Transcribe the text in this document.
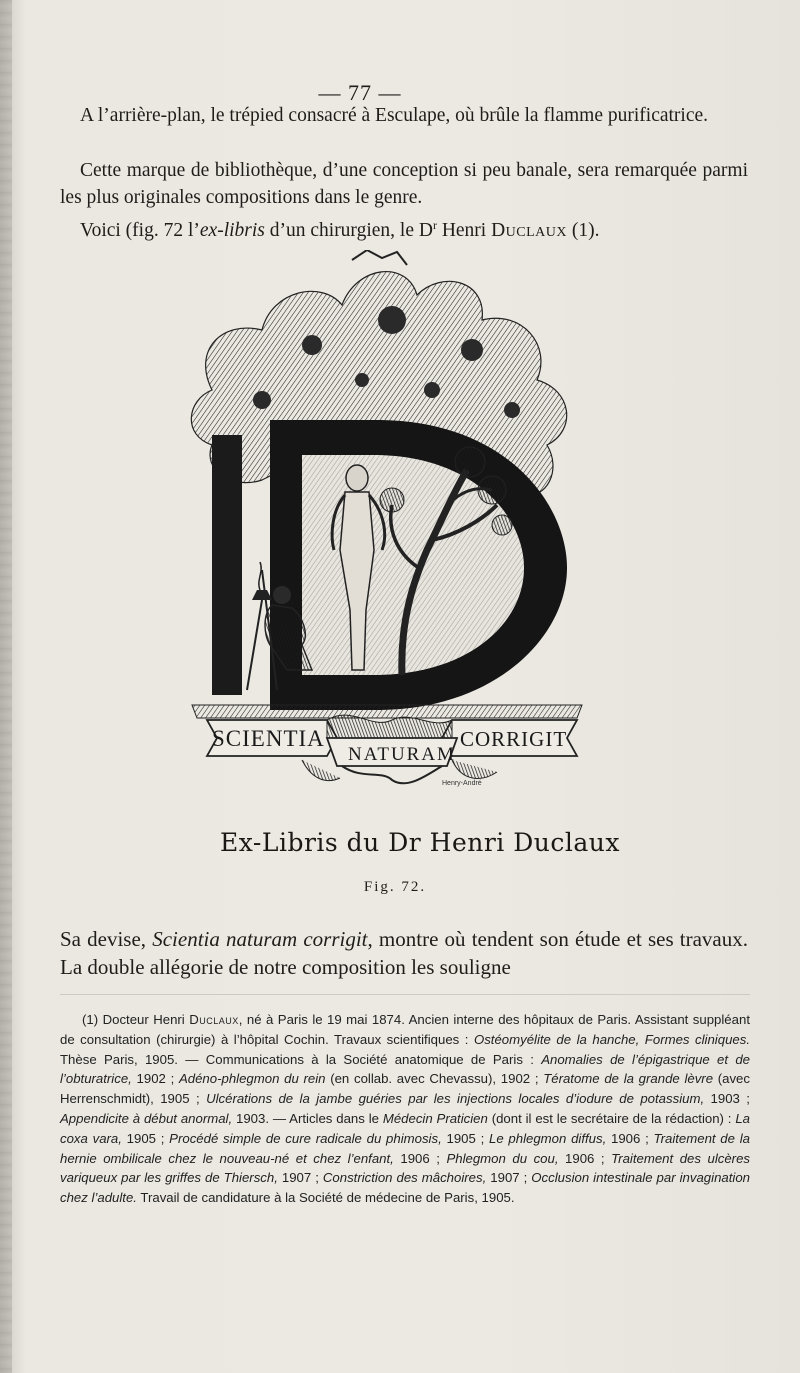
— 77 —

A l’arrière-plan, le trépied consacré à Esculape, où brûle la flamme purificatrice.

Cette marque de bibliothèque, d’une conception si peu banale, sera remarquée parmi les plus originales compositions dans le genre.

Voici (fig. 72 l’ex-libris d’un chirurgien, le $D^r$ Henri Duclaux (1).

SCIENTIA	CORRIGIT
NATURAM
Henry-André
Ex-Libris du Dr Henri Duclaux
Fig. 72.

Sa devise, Scientia naturam corrigit, montre où tendent son étude et ses travaux. La double allégorie de notre composition les souligne

(1) Docteur Henri Duclaux, né à Paris le 19 mai 1874. Ancien interne des hôpitaux de Paris. Assistant suppléant de consultation (chirurgie) à l’hôpital Cochin. Travaux scientifiques : Ostéomyélite de la hanche, Formes cliniques. Thèse Paris, 1905. — Communications à la Société anatomique de Paris : Anomalies de l’épigastrique et de l’obturatrice, 1902 ; Adéno-phlegmon du rein (en collab. avec Chevassu), 1902 ; Tératome de la grande lèvre (avec Herrenschmidt), 1905 ; Ulcérations de la jambe guéries par les injections locales d’iodure de potassium, 1903 ; Appendicite à début anormal, 1903. — Articles dans le Médecin Praticien (dont il est le secrétaire de la rédaction) : La coxa vara, 1905 ; Procédé simple de cure radicale du phimosis, 1905 ; Le phlegmon diffus, 1906 ; Traitement de la hernie ombilicale chez le nouveau-né et chez l’enfant, 1906 ; Phlegmon du cou, 1906 ; Traitement des ulcères variqueux par les griffes de Thiersch, 1907 ; Constriction des mâchoires, 1907 ; Occlusion intestinale par invagination chez l’adulte. Travail de candidature à la Société de médecine de Paris, 1905.
